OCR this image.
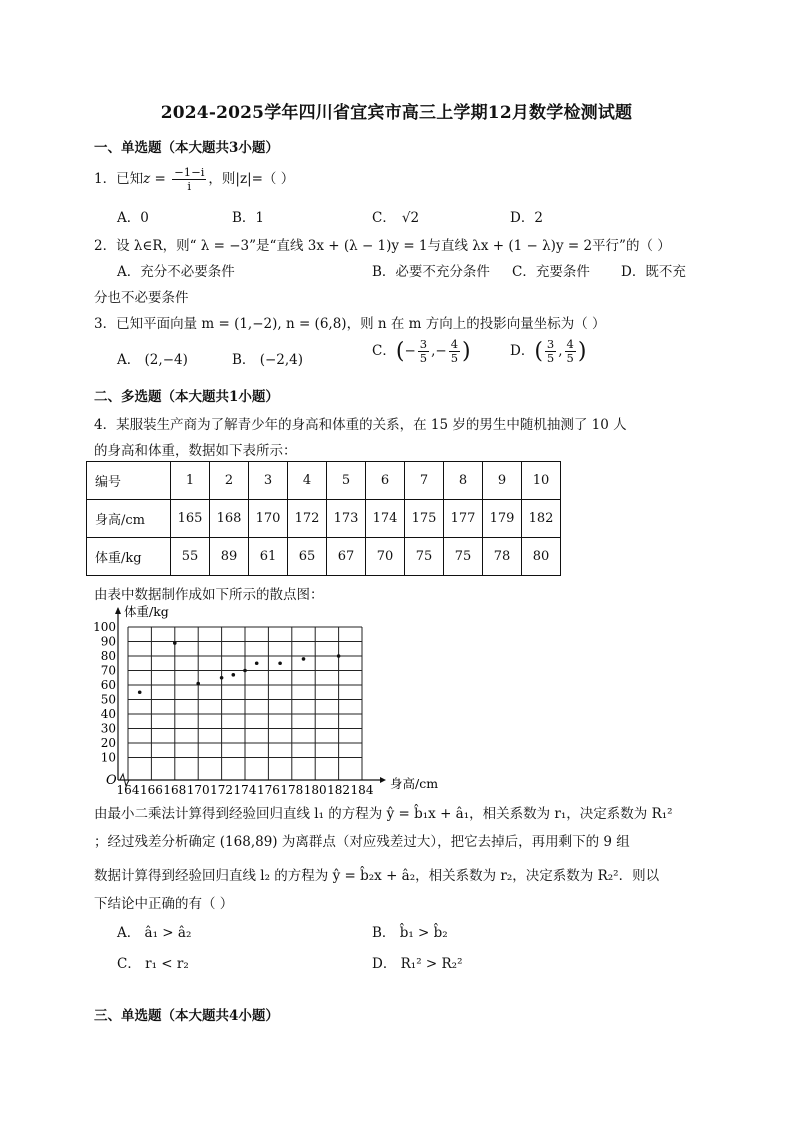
2024-2025学年四川省宜宾市高三上学期12月数学检测试题
一、单选题（本大题共3小题）
1．已知$z = \frac{-1-i}{i}$ ，则|z|=（ ）
A．0	B．1	C． √2	D．2
2．设 λ∈R，则“ λ = −3”是“直线 3x + (λ − 1)y = 1与直线 λx + (1 − λ)y = 2平行”的（ ）
A．充分不必要条件	B．必要不充分条件 C．充要条件 D．既不充
分也不必要条件
3．已知平面向量 m = (1,−2), n = (6,8)，则 n 在 m 方向上的投影向量坐标为（ ）
A． (2,−4)	B． (−2,4)
C．(− $\frac{3}{5}$ ,− $\frac{4}{5}$ )	D．( $\frac{3}{5}$ , $\frac{4}{5}$ )
二、多选题（本大题共1小题）
4．某服装生产商为了解青少年的身高和体重的关系，在 15 岁的男生中随机抽测了 10 人
的身高和体重，数据如下表所示：
编号	1	2	3	4	5	6	7	8	9	10
身高/cm	165	168	170	172	173	174	175	177	179	182
体重/kg	55	89	61	65	67	70	75	75	78	80
由表中数据制作成如下所示的散点图：
164 166 168 170 172 174 176 178 180 182 184
10
20
30
40
50
60
70
80
90
100
体重/kg
身高/cm
O
由最小二乘法计算得到经验回归直线 l₁ 的方程为 ŷ = b̂₁x + â₁，相关系数为 r₁，决定系数为 R₁²
；经过残差分析确定 (168,89) 为离群点（对应残差过大），把它去掉后，再用剩下的 9 组
数据计算得到经验回归直线 l₂ 的方程为 ŷ = b̂₂x + â₂，相关系数为 r₂，决定系数为 R₂²．则以
下结论中正确的有（ ）
A． â₁ > â₂	B． b̂₁ > b̂₂
C． r₁ < r₂	D． R₁² > R₂²
三、单选题（本大题共4小题）
